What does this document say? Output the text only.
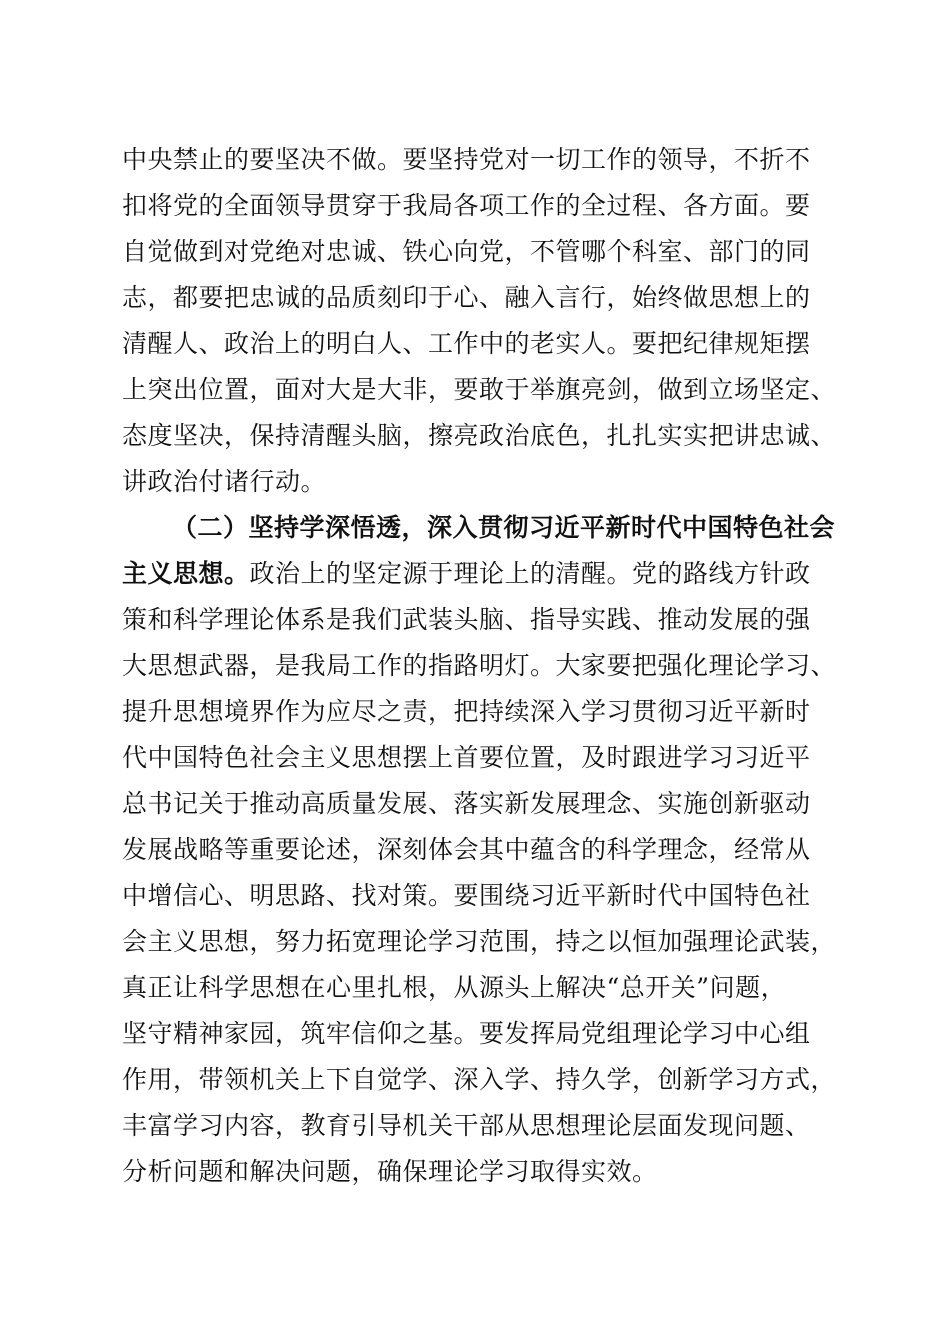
中央禁止的要坚决不做。要坚持党对一切工作的领导，不折不
扣将党的全面领导贯穿于我局各项工作的全过程、各方面。要
自觉做到对党绝对忠诚、铁心向党，不管哪个科室、部门的同
志，都要把忠诚的品质刻印于心、融入言行，始终做思想上的
清醒人、政治上的明白人、工作中的老实人。要把纪律规矩摆
上突出位置，面对大是大非，要敢于举旗亮剑，做到立场坚定、
态度坚决，保持清醒头脑，擦亮政治底色，扎扎实实把讲忠诚、
讲政治付诸行动。
（二）坚持学深悟透，深入贯彻习近平新时代中国特色社会
主义思想。政治上的坚定源于理论上的清醒。党的路线方针政
策和科学理论体系是我们武装头脑、指导实践、推动发展的强
大思想武器，是我局工作的指路明灯。大家要把强化理论学习、
提升思想境界作为应尽之责，把持续深入学习贯彻习近平新时
代中国特色社会主义思想摆上首要位置，及时跟进学习习近平
总书记关于推动高质量发展、落实新发展理念、实施创新驱动
发展战略等重要论述，深刻体会其中蕴含的科学理念，经常从
中增信心、明思路、找对策。要围绕习近平新时代中国特色社
会主义思想，努力拓宽理论学习范围，持之以恒加强理论武装，
真正让科学思想在心里扎根，从源头上解决“总开关”问题，
坚守精神家园，筑牢信仰之基。要发挥局党组理论学习中心组
作用，带领机关上下自觉学、深入学、持久学，创新学习方式，
丰富学习内容，教育引导机关干部从思想理论层面发现问题、
分析问题和解决问题，确保理论学习取得实效。
